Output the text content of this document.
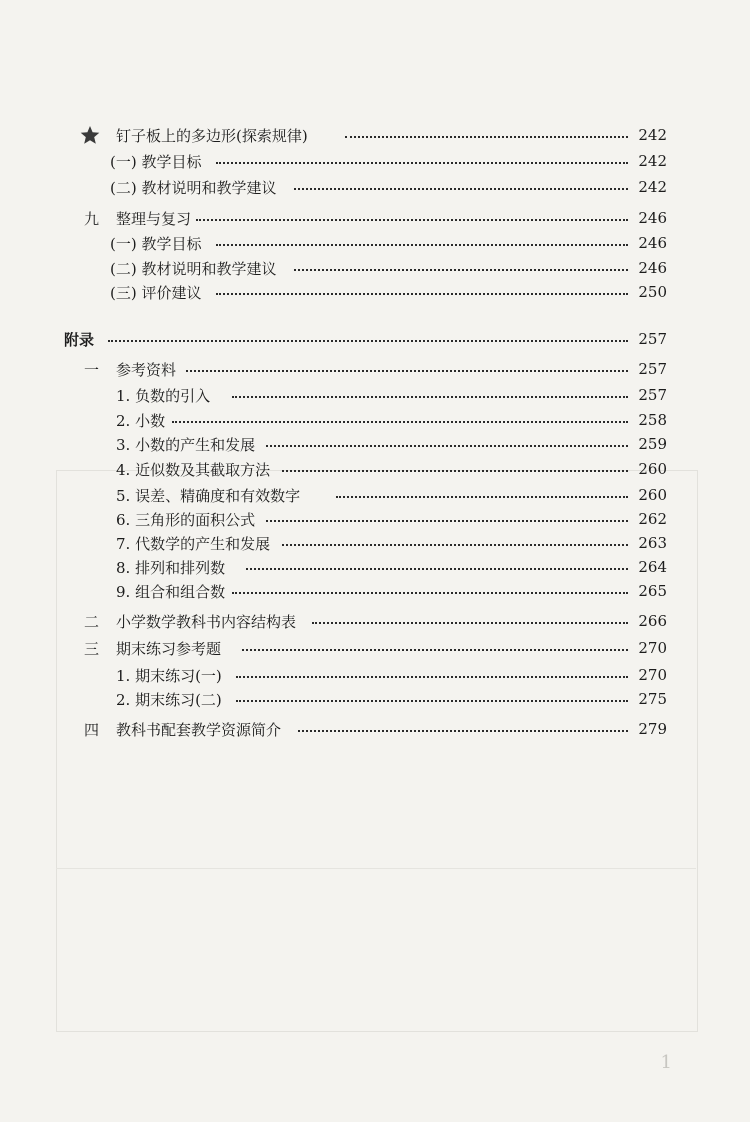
钉子板上的多边形(探索规律)	242
(一) 教学目标	242
(二) 教材说明和教学建议	242
九 整理与复习	246
(一) 教学目标	246
(二) 教材说明和教学建议	246
(三) 评价建议	250
附录	257
一 参考资料	257
1. 负数的引入	257
2. 小数	258
3. 小数的产生和发展	259
4. 近似数及其截取方法	260
5. 误差、精确度和有效数字	260
6. 三角形的面积公式	262
7. 代数学的产生和发展	263
8. 排列和排列数	264
9. 组合和组合数	265
二 小学数学教科书内容结构表	266
三 期末练习参考题	270
1. 期末练习(一)	270
2. 期末练习(二)	275
四 教科书配套教学资源简介	279
1
